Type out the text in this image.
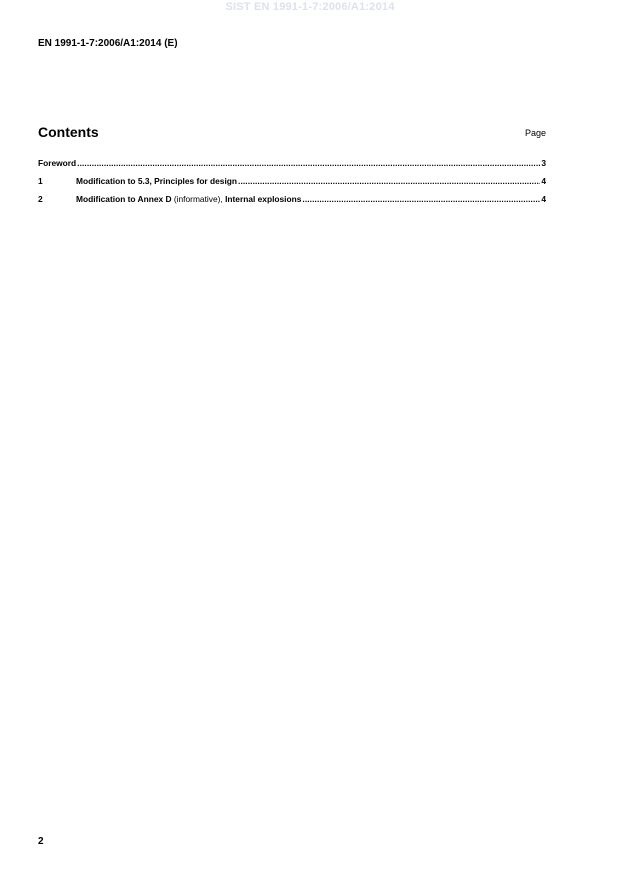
SIST EN 1991-1-7:2006/A1:2014
EN 1991-1-7:2006/A1:2014 (E)
Contents	Page
Foreword .....	3
1	Modification to 5.3, Principles for design .....	4
2	Modification to Annex D (informative), Internal explosions .....	4
2
